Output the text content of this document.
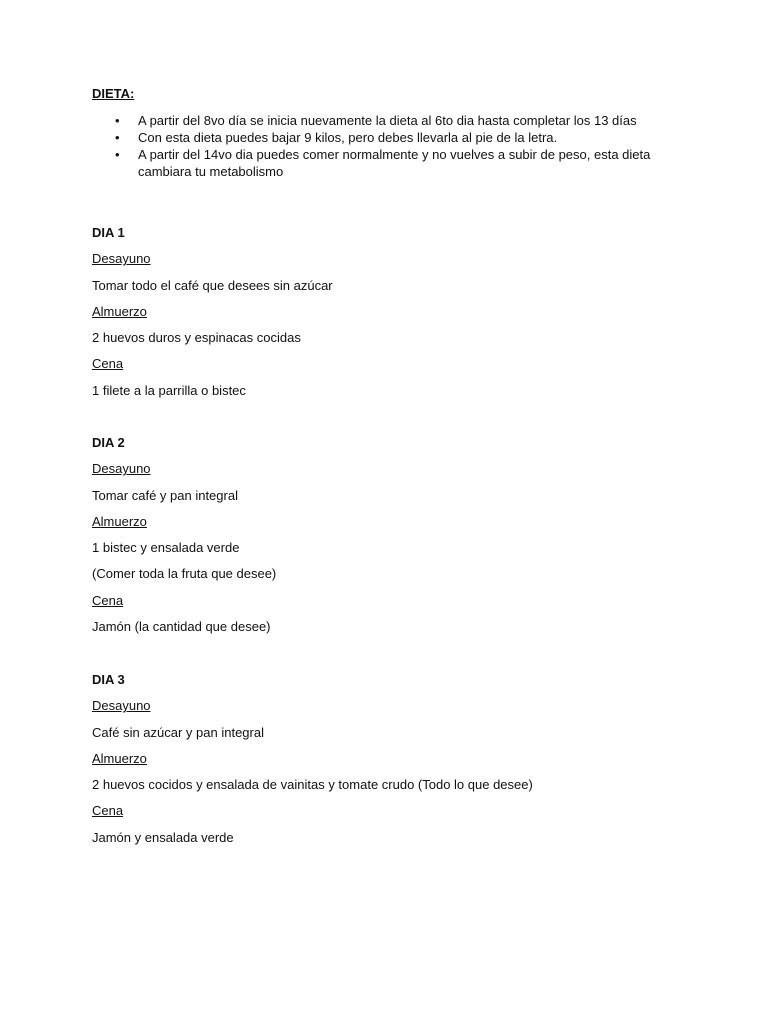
DIETA:
• A partir del 8vo día se inicia nuevamente la dieta al 6to dia hasta completar los 13 días
• Con esta dieta puedes bajar 9 kilos, pero debes llevarla al pie de la letra.
• A partir del 14vo dia puedes comer normalmente y no vuelves a subir de peso, esta dieta cambiara tu metabolismo
DIA 1
Desayuno
Tomar todo el café que desees sin azúcar
Almuerzo
2 huevos duros y espinacas cocidas
Cena
1 filete a la parrilla o bistec
DIA 2
Desayuno
Tomar café y pan integral
Almuerzo
1 bistec y ensalada verde
(Comer toda la fruta que desee)
Cena
Jamón (la cantidad que desee)
DIA 3
Desayuno
Café sin azúcar y pan integral
Almuerzo
2 huevos cocidos y ensalada de vainitas y tomate crudo (Todo lo que desee)
Cena
Jamón y ensalada verde
